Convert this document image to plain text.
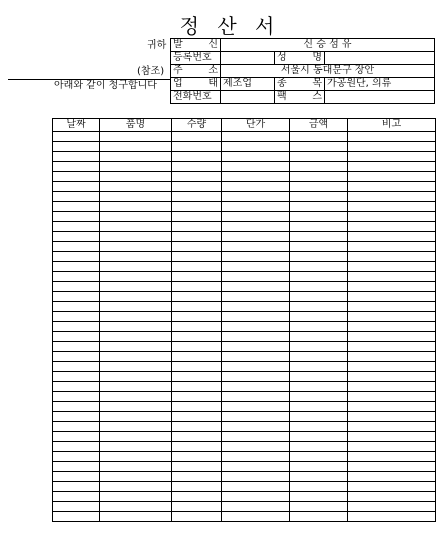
정 산 서
귀하
(참조)
아래와 같이 청구합니다
발 신	신 승 섬 유		
등록번호		성 명	
주 소	서울시 동대문구 장안		
업 태	제조업	종 목	가공원단, 의류
전화번호		팩 스	
날짜	품명	수량	단가	금액	비고
